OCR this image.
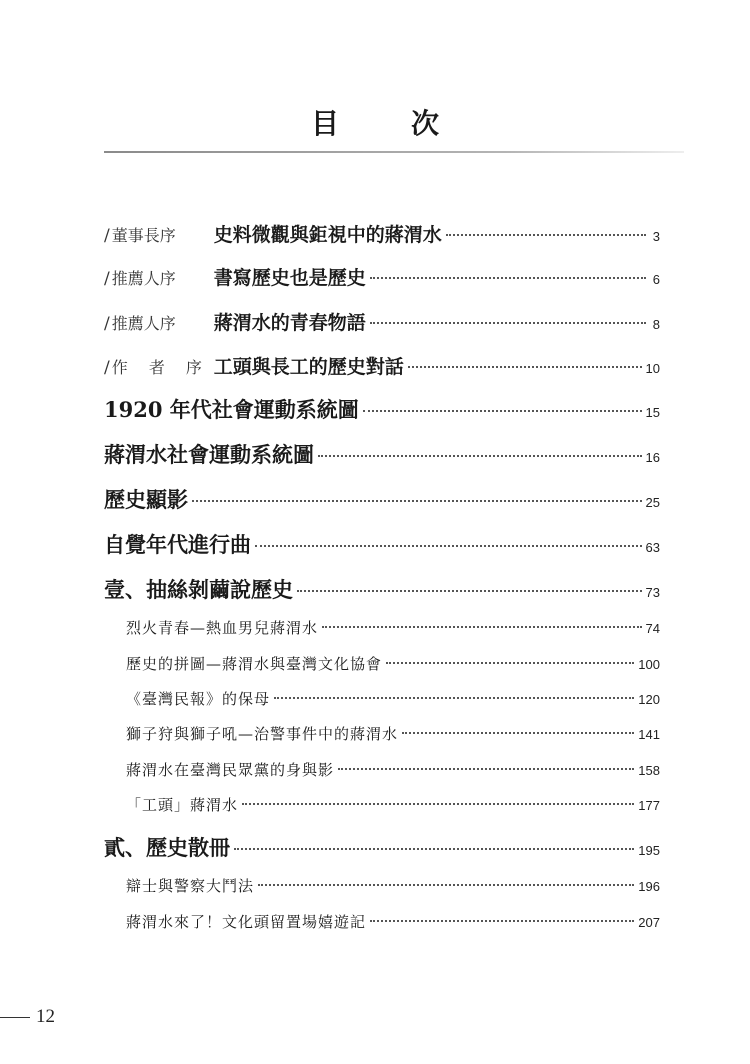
目　次
/ 董事長序	史料微觀與鉅視中的蔣渭水	3
/ 推薦人序	書寫歷史也是歷史	6
/ 推薦人序	蔣渭水的青春物語	8
/ 作 者 序 工頭與長工的歷史對話	10
1920 年代社會運動系統圖	15
蔣渭水社會運動系統圖	16
歷史顯影	25
自覺年代進行曲	63
壹、抽絲剝繭說歷史	73
烈火青春—熱血男兒蔣渭水	74
歷史的拼圖—蔣渭水與臺灣文化協會	100
《臺灣民報》的保母	120
獅子狩與獅子吼—治警事件中的蔣渭水	141
蔣渭水在臺灣民眾黨的身與影	158
「工頭」蔣渭水	177
貳、歷史散冊	195
辯士與警察大鬥法	196
蔣渭水來了！文化頭留置場嬉遊記	207
12
